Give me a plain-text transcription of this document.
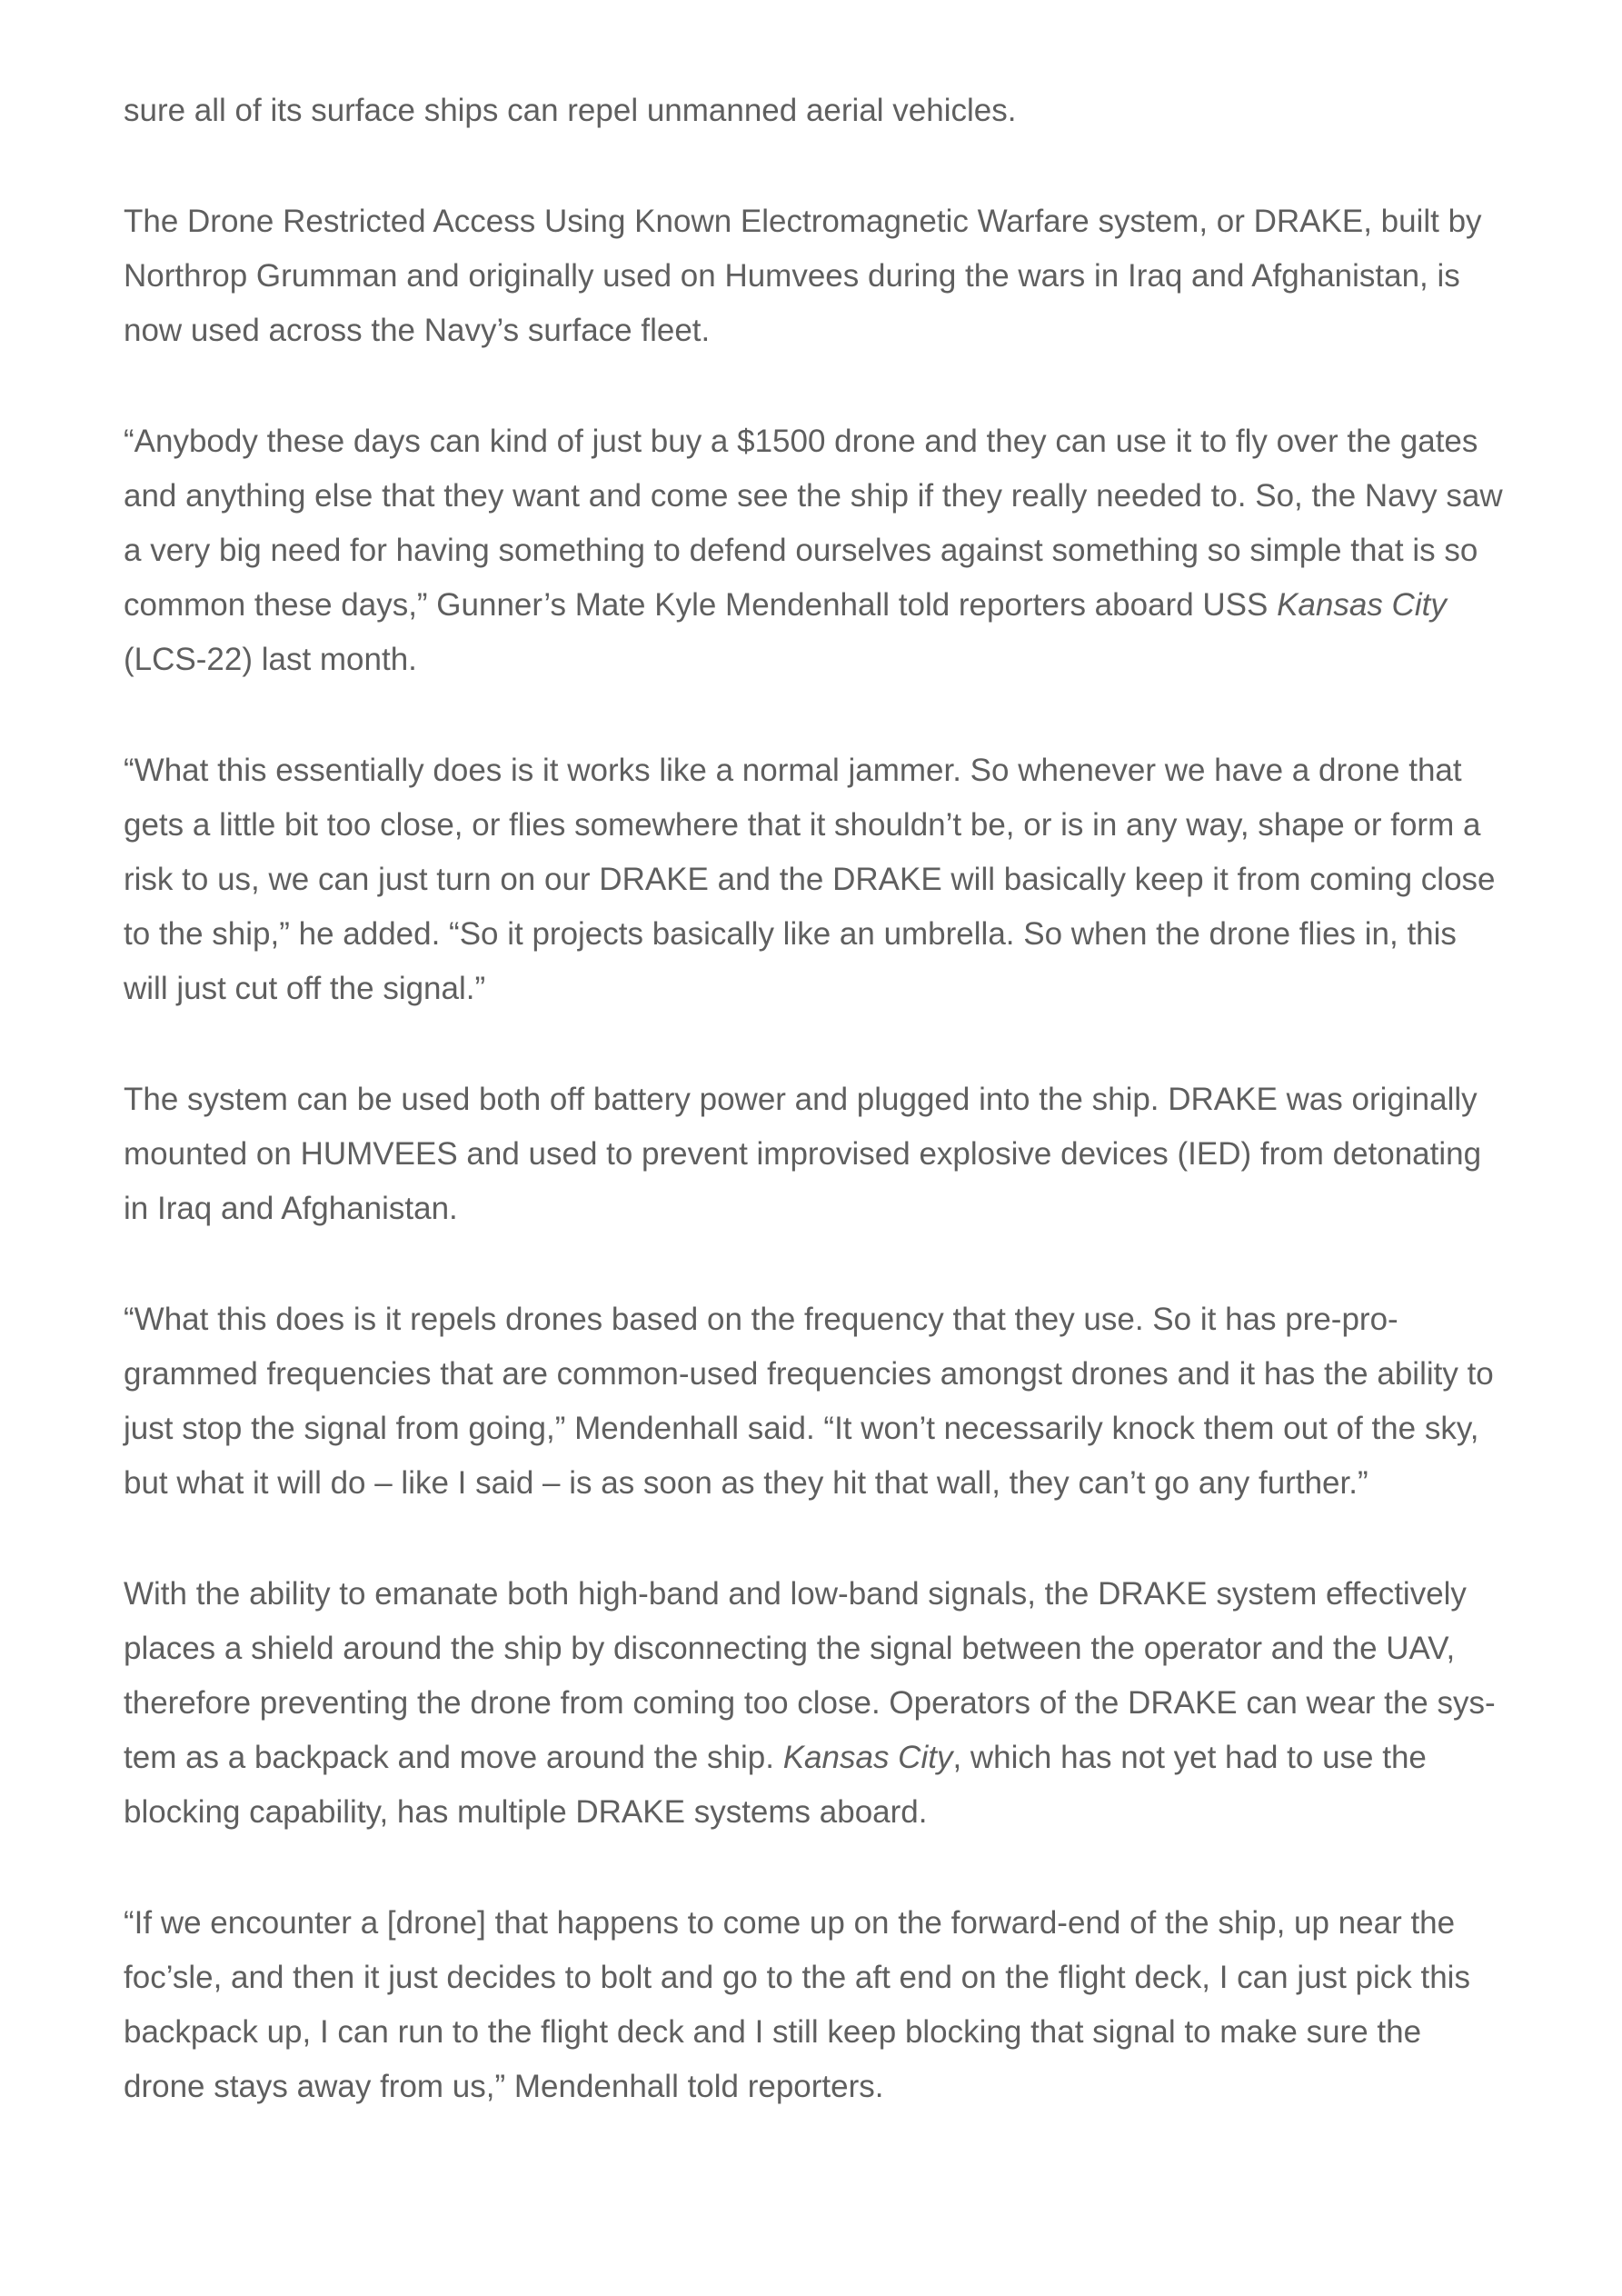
sure all of its surface ships can repel unmanned aerial vehicles.

The Drone Restricted Access Using Known Electromagnetic Warfare system, or DRAKE, built by
Northrop Grumman and originally used on Humvees during the wars in Iraq and Afghanistan, is
now used across the Navy’s surface fleet.

“Anybody these days can kind of just buy a $1500 drone and they can use it to fly over the gates
and anything else that they want and come see the ship if they really needed to. So, the Navy saw
a very big need for having something to defend ourselves against something so simple that is so
common these days,” Gunner’s Mate Kyle Mendenhall told reporters aboard USS Kansas City
(LCS-22) last month.

“What this essentially does is it works like a normal jammer. So whenever we have a drone that
gets a little bit too close, or flies somewhere that it shouldn’t be, or is in any way, shape or form a
risk to us, we can just turn on our DRAKE and the DRAKE will basically keep it from coming close
to the ship,” he added. “So it projects basically like an umbrella. So when the drone flies in, this
will just cut off the signal.”

The system can be used both off battery power and plugged into the ship. DRAKE was originally
mounted on HUMVEES and used to prevent improvised explosive devices (IED) from detonating
in Iraq and Afghanistan.

“What this does is it repels drones based on the frequency that they use. So it has pre-pro-
grammed frequencies that are common-used frequencies amongst drones and it has the ability to
just stop the signal from going,” Mendenhall said. “It won’t necessarily knock them out of the sky,
but what it will do – like I said – is as soon as they hit that wall, they can’t go any further.”

With the ability to emanate both high-band and low-band signals, the DRAKE system effectively
places a shield around the ship by disconnecting the signal between the operator and the UAV,
therefore preventing the drone from coming too close. Operators of the DRAKE can wear the sys-
tem as a backpack and move around the ship. Kansas City, which has not yet had to use the
blocking capability, has multiple DRAKE systems aboard.

“If we encounter a [drone] that happens to come up on the forward-end of the ship, up near the
foc’sle, and then it just decides to bolt and go to the aft end on the flight deck, I can just pick this
backpack up, I can run to the flight deck and I still keep blocking that signal to make sure the
drone stays away from us,” Mendenhall told reporters.
